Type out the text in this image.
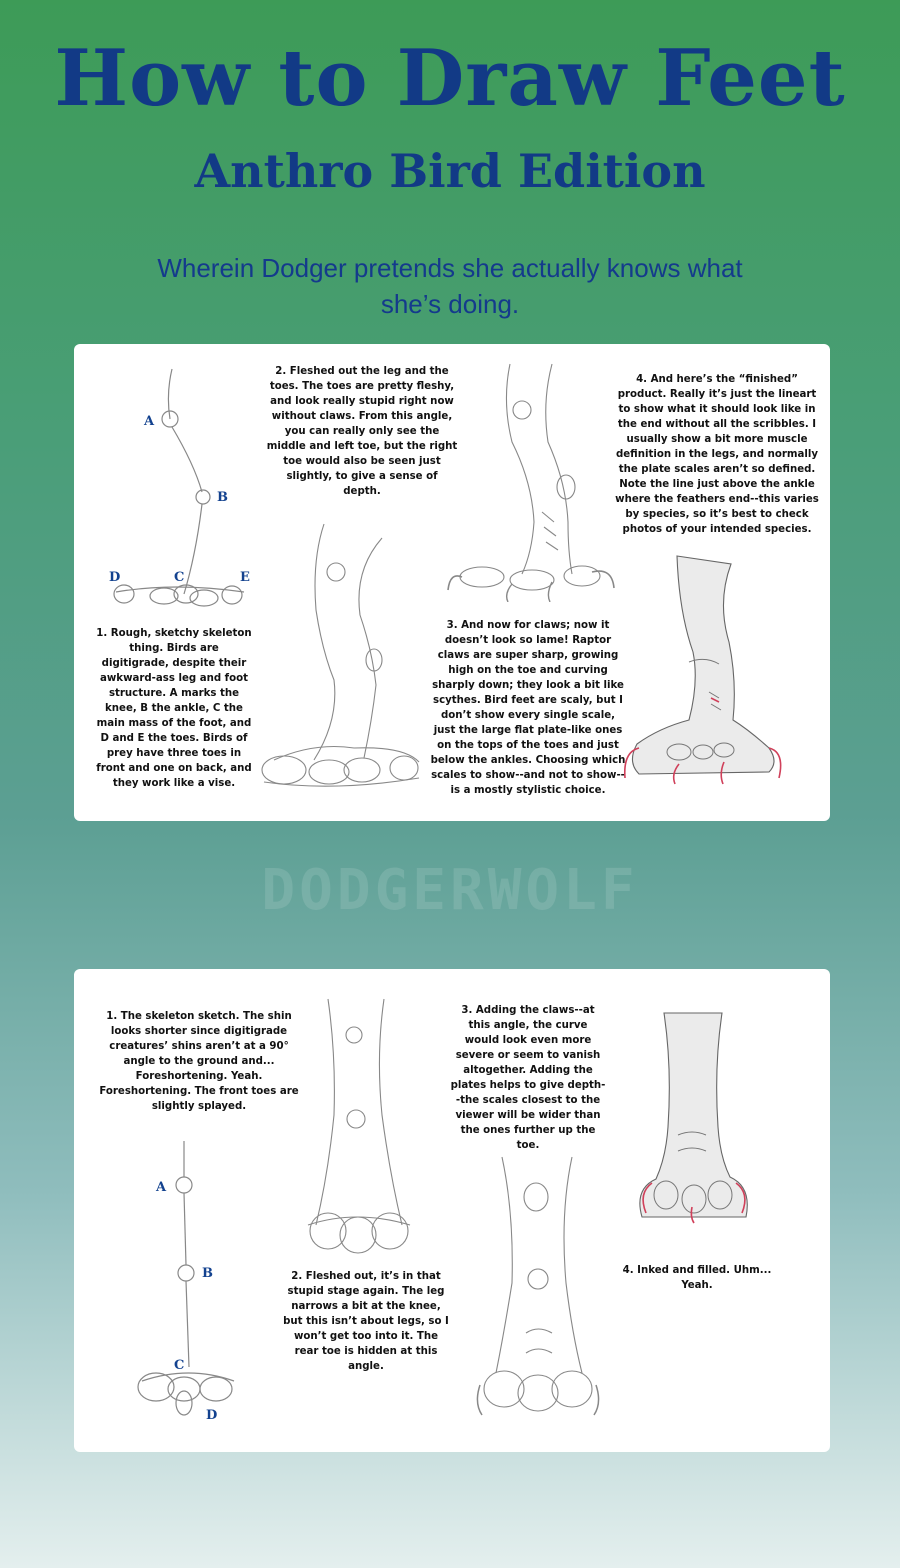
How to Draw Feet
Anthro Bird Edition
Wherein Dodger pretends she actually knows what she’s doing.
A
B
C
D	E

1. Rough, sketchy skeleton thing. Birds are digitigrade, despite their awkward-ass leg and foot structure. A marks the knee, B the ankle, C the main mass of the foot, and D and E the toes. Birds of prey have three toes in front and one on back, and they work like a vise.

2. Fleshed out the leg and the toes. The toes are pretty fleshy, and look really stupid right now without claws. From this angle, you can really only see the middle and left toe, but the right toe would also be seen just slightly, to give a sense of depth.

3. And now for claws; now it doesn’t look so lame! Raptor claws are super sharp, growing high on the toe and curving sharply down; they look a bit like scythes. Bird feet are scaly, but I don’t show every single scale, just the large flat plate-like ones on the tops of the toes and just below the ankles. Choosing which scales to show--and not to show--is a mostly stylistic choice.

4. And here’s the “finished” product. Really it’s just the lineart to show what it should look like in the end without all the scribbles. I usually show a bit more muscle definition in the legs, and normally the plate scales aren’t so defined. Note the line just above the ankle where the feathers end--this varies by species, so it’s best to check photos of your intended species.

DODGERWOLF

1. The skeleton sketch. The shin looks shorter since digitigrade creatures’ shins aren’t at a 90° angle to the ground and... Foreshortening. Yeah. Foreshortening. The front toes are slightly splayed.

A
B
C
D

2. Fleshed out, it’s in that stupid stage again. The leg narrows a bit at the knee, but this isn’t about legs, so I won’t get too into it. The rear toe is hidden at this angle.

3. Adding the claws--at this angle, the curve would look even more severe or seem to vanish altogether. Adding the plates helps to give depth--the scales closest to the viewer will be wider than the ones further up the toe.

4. Inked and filled. Uhm... Yeah.
